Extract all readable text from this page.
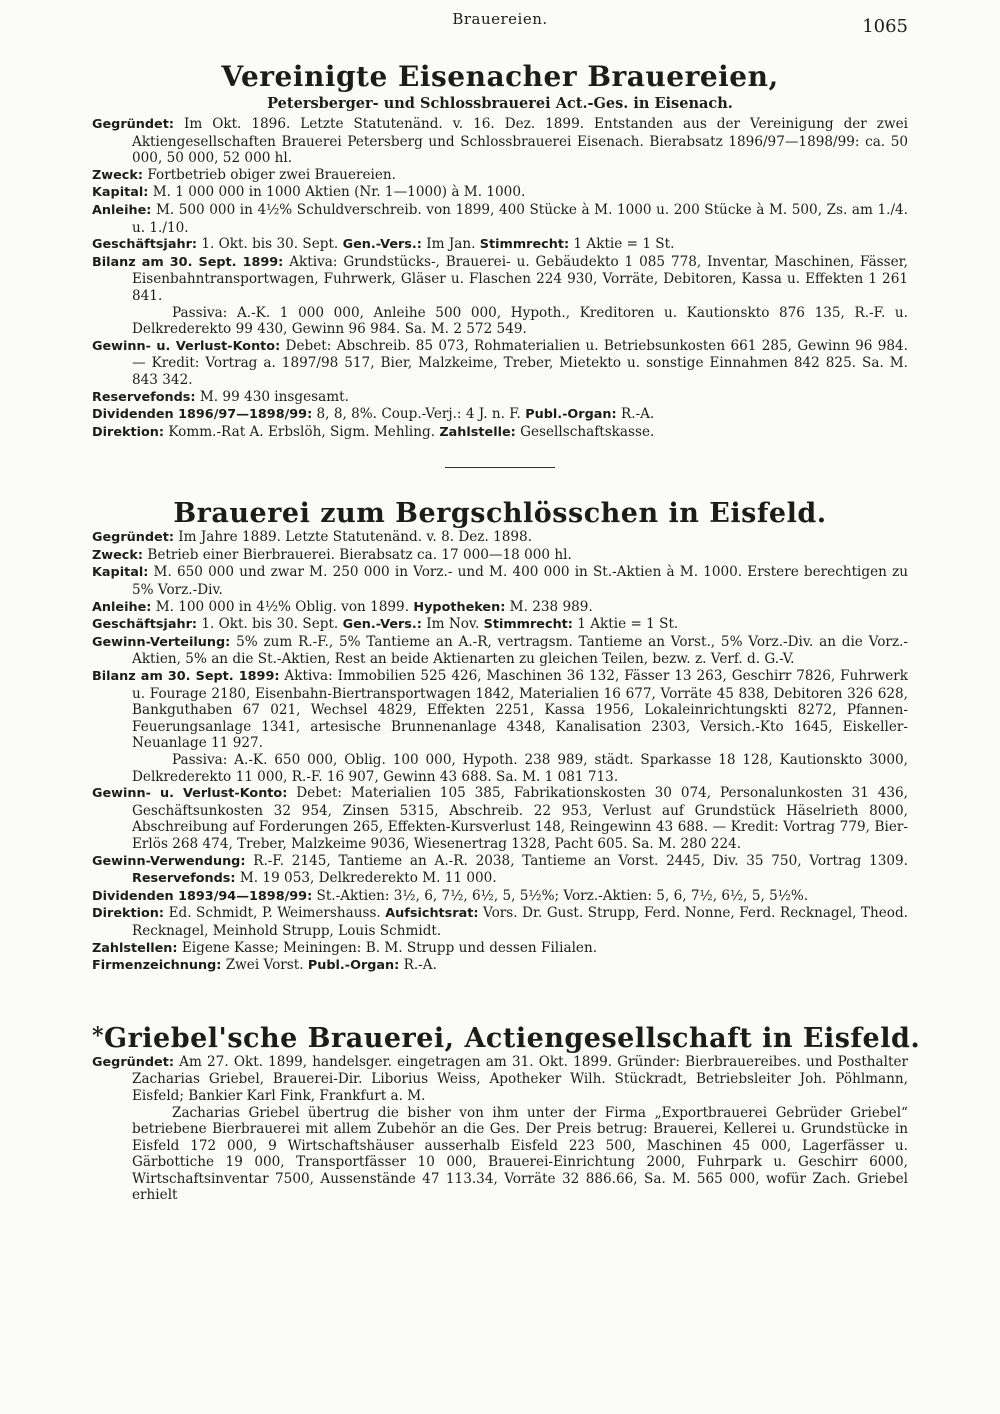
Brauereien.	1065
Vereinigte Eisenacher Brauereien,
Petersberger- und Schlossbrauerei Act.-Ges. in Eisenach.

Gegründet: Im Okt. 1896. Letzte Statutenänd. v. 16. Dez. 1899. Entstanden aus der Vereinigung der zwei Aktiengesellschaften Brauerei Petersberg und Schlossbrauerei Eisenach. Bierabsatz 1896/97—1898/99: ca. 50 000, 50 000, 52 000 hl.

Zweck: Fortbetrieb obiger zwei Brauereien.

Kapital: M. 1 000 000 in 1000 Aktien (Nr. 1—1000) à M. 1000.

Anleihe: M. 500 000 in 4½% Schuldverschreib. von 1899, 400 Stücke à M. 1000 u. 200 Stücke à M. 500, Zs. am 1./4. u. 1./10.

Geschäftsjahr: 1. Okt. bis 30. Sept. Gen.-Vers.: Im Jan. Stimmrecht: 1 Aktie = 1 St.

Bilanz am 30. Sept. 1899: Aktiva: Grundstücks-, Brauerei- u. Gebäudekto 1 085 778, Inventar, Maschinen, Fässer, Eisenbahntransportwagen, Fuhrwerk, Gläser u. Flaschen 224 930, Vorräte, Debitoren, Kassa u. Effekten 1 261 841.

Passiva: A.-K. 1 000 000, Anleihe 500 000, Hypoth., Kreditoren u. Kautionskto 876 135, R.-F. u. Delkrederekto 99 430, Gewinn 96 984. Sa. M. 2 572 549.

Gewinn- u. Verlust-Konto: Debet: Abschreib. 85 073, Rohmaterialien u. Betriebsunkosten 661 285, Gewinn 96 984. — Kredit: Vortrag a. 1897/98 517, Bier, Malzkeime, Treber, Mietekto u. sonstige Einnahmen 842 825. Sa. M. 843 342.

Reservefonds: M. 99 430 insgesamt.

Dividenden 1896/97—1898/99: 8, 8, 8%. Coup.-Verj.: 4 J. n. F. Publ.-Organ: R.-A.

Direktion: Komm.-Rat A. Erbslöh, Sigm. Mehling. Zahlstelle: Gesellschaftskasse.

Brauerei zum Bergschlösschen in Eisfeld.

Gegründet: Im Jahre 1889. Letzte Statutenänd. v. 8. Dez. 1898.

Zweck: Betrieb einer Bierbrauerei. Bierabsatz ca. 17 000—18 000 hl.

Kapital: M. 650 000 und zwar M. 250 000 in Vorz.- und M. 400 000 in St.-Aktien à M. 1000. Erstere berechtigen zu 5% Vorz.-Div.

Anleihe: M. 100 000 in 4½% Oblig. von 1899. Hypotheken: M. 238 989.

Geschäftsjahr: 1. Okt. bis 30. Sept. Gen.-Vers.: Im Nov. Stimmrecht: 1 Aktie = 1 St.

Gewinn-Verteilung: 5% zum R.-F., 5% Tantieme an A.-R, vertragsm. Tantieme an Vorst., 5% Vorz.-Div. an die Vorz.-Aktien, 5% an die St.-Aktien, Rest an beide Aktienarten zu gleichen Teilen, bezw. z. Verf. d. G.-V.

Bilanz am 30. Sept. 1899: Aktiva: Immobilien 525 426, Maschinen 36 132, Fässer 13 263, Geschirr 7826, Fuhrwerk u. Fourage 2180, Eisenbahn-Biertransportwagen 1842, Materialien 16 677, Vorräte 45 838, Debitoren 326 628, Bankguthaben 67 021, Wechsel 4829, Effekten 2251, Kassa 1956, Lokaleinrichtungskti 8272, Pfannen-Feuerungsanlage 1341, artesische Brunnenanlage 4348, Kanalisation 2303, Versich.-Kto 1645, Eiskeller-Neuanlage 11 927.

Passiva: A.-K. 650 000, Oblig. 100 000, Hypoth. 238 989, städt. Sparkasse 18 128, Kautionskto 3000, Delkrederekto 11 000, R.-F. 16 907, Gewinn 43 688. Sa. M. 1 081 713.

Gewinn- u. Verlust-Konto: Debet: Materialien 105 385, Fabrikationskosten 30 074, Personalunkosten 31 436, Geschäftsunkosten 32 954, Zinsen 5315, Abschreib. 22 953, Verlust auf Grundstück Häselrieth 8000, Abschreibung auf Forderungen 265, Effekten-Kursverlust 148, Reingewinn 43 688. — Kredit: Vortrag 779, Bier-Erlös 268 474, Treber, Malzkeime 9036, Wiesenertrag 1328, Pacht 605. Sa. M. 280 224.

Gewinn-Verwendung: R.-F. 2145, Tantieme an A.-R. 2038, Tantieme an Vorst. 2445, Div. 35 750, Vortrag 1309. Reservefonds: M. 19 053, Delkrederekto M. 11 000.

Dividenden 1893/94—1898/99: St.-Aktien: 3½, 6, 7½, 6½, 5, 5½%; Vorz.-Aktien: 5, 6, 7½, 6½, 5, 5½%.

Direktion: Ed. Schmidt, P. Weimershauss. Aufsichtsrat: Vors. Dr. Gust. Strupp, Ferd. Nonne, Ferd. Recknagel, Theod. Recknagel, Meinhold Strupp, Louis Schmidt.

Zahlstellen: Eigene Kasse; Meiningen: B. M. Strupp und dessen Filialen.

Firmenzeichnung: Zwei Vorst. Publ.-Organ: R.-A.

*Griebel'sche Brauerei, Actiengesellschaft in Eisfeld.

Gegründet: Am 27. Okt. 1899, handelsger. eingetragen am 31. Okt. 1899. Gründer: Bierbrauereibes. und Posthalter Zacharias Griebel, Brauerei-Dir. Liborius Weiss, Apotheker Wilh. Stückradt, Betriebsleiter Joh. Pöhlmann, Eisfeld; Bankier Karl Fink, Frankfurt a. M.

Zacharias Griebel übertrug die bisher von ihm unter der Firma „Exportbrauerei Gebrüder Griebel“ betriebene Bierbrauerei mit allem Zubehör an die Ges. Der Preis betrug: Brauerei, Kellerei u. Grundstücke in Eisfeld 172 000, 9 Wirtschaftshäuser ausserhalb Eisfeld 223 500, Maschinen 45 000, Lagerfässer u. Gärbottiche 19 000, Transportfässer 10 000, Brauerei-Einrichtung 2000, Fuhrpark u. Geschirr 6000, Wirtschaftsinventar 7500, Aussenstände 47 113.34, Vorräte 32 886.66, Sa. M. 565 000, wofür Zach. Griebel erhielt
